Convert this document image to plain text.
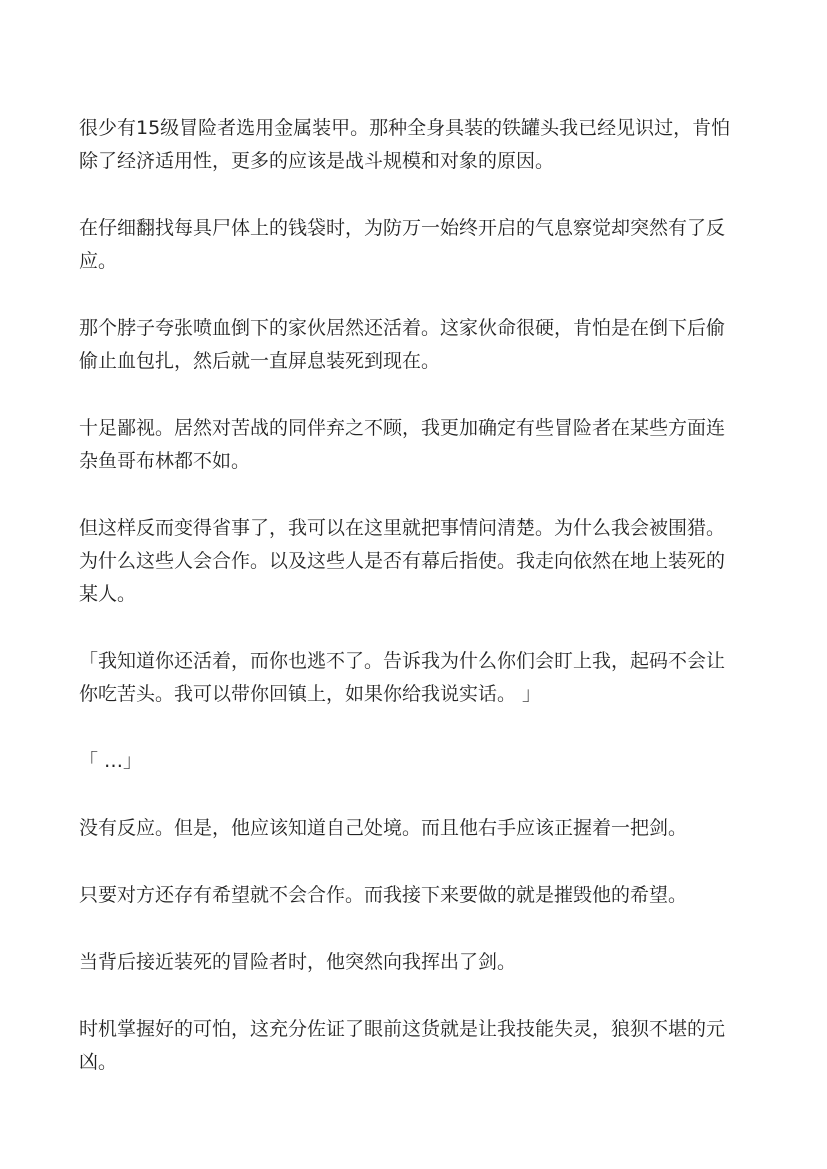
很少有15级冒险者选用金属装甲。那种全身具装的铁罐头我已经见识过，肯怕除了经济适用性，更多的应该是战斗规模和对象的原因。

在仔细翻找每具尸体上的钱袋时，为防万一始终开启的气息察觉却突然有了反应。

那个脖子夸张喷血倒下的家伙居然还活着。这家伙命很硬，肯怕是在倒下后偷偷止血包扎，然后就一直屏息装死到现在。

十足鄙视。居然对苦战的同伴弃之不顾，我更加确定有些冒险者在某些方面连杂鱼哥布林都不如。

但这样反而变得省事了，我可以在这里就把事情问清楚。为什么我会被围猎。为什么这些人会合作。以及这些人是否有幕后指使。我走向依然在地上装死的某人。

「我知道你还活着，而你也逃不了。告诉我为什么你们会盯上我，起码不会让你吃苦头。我可以带你回镇上，如果你给我说实话。 」

「 …」

没有反应。但是，他应该知道自己处境。而且他右手应该正握着一把剑。

只要对方还存有希望就不会合作。而我接下来要做的就是摧毁他的希望。

当背后接近装死的冒险者时，他突然向我挥出了剑。

时机掌握好的可怕，这充分佐证了眼前这货就是让我技能失灵，狼狈不堪的元凶。
